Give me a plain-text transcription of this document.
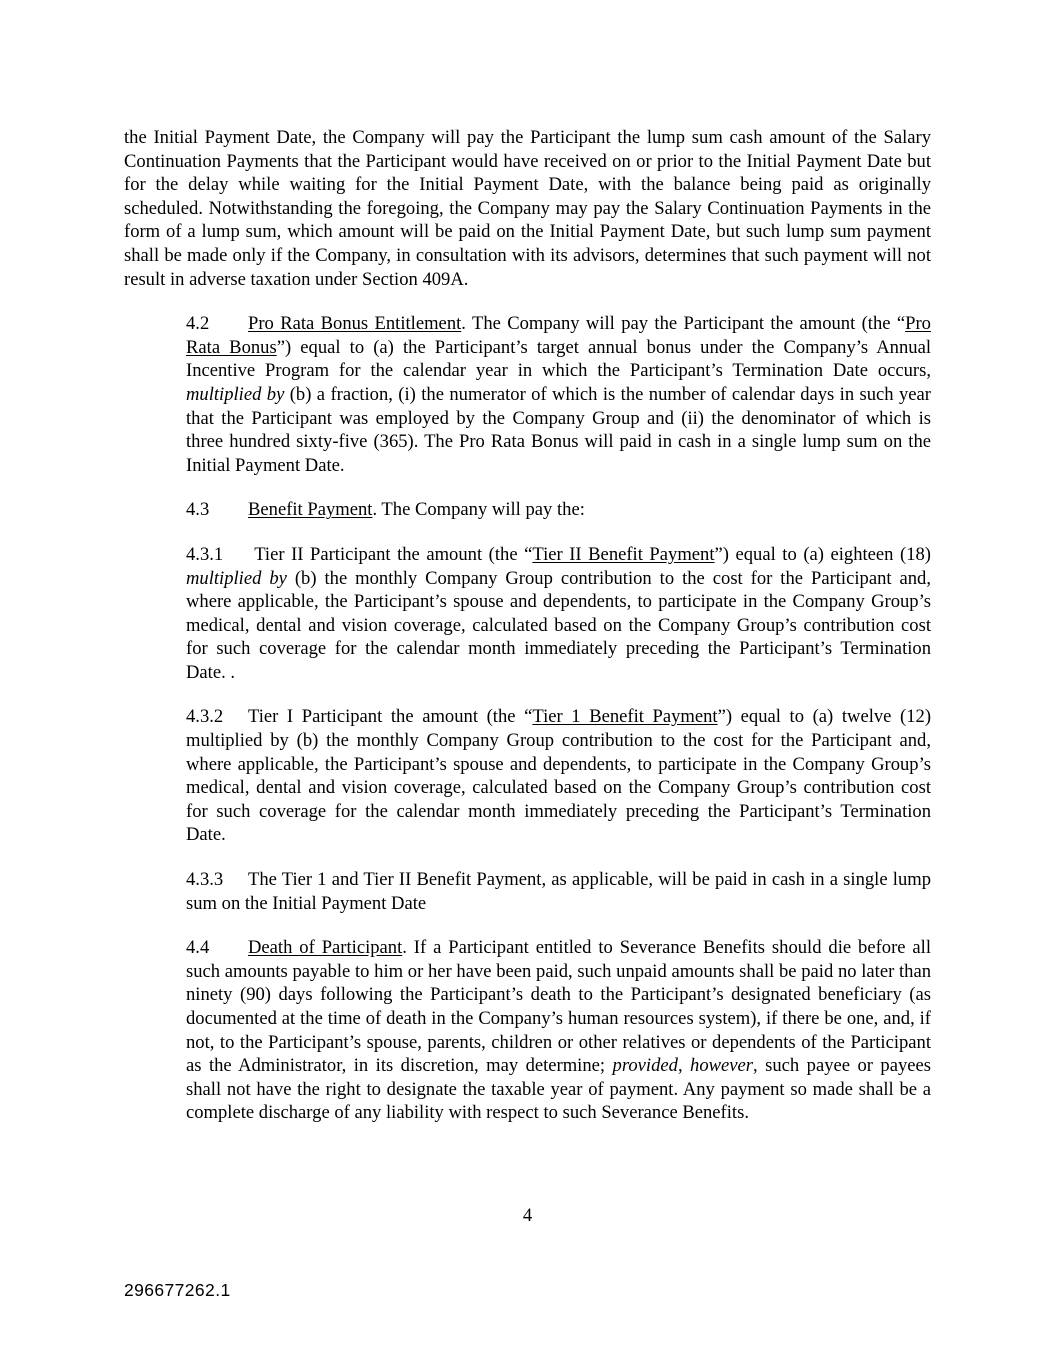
the Initial Payment Date, the Company will pay the Participant the lump sum cash amount of the Salary Continuation Payments that the Participant would have received on or prior to the Initial Payment Date but for the delay while waiting for the Initial Payment Date, with the balance being paid as originally scheduled. Notwithstanding the foregoing, the Company may pay the Salary Continuation Payments in the form of a lump sum, which amount will be paid on the Initial Payment Date, but such lump sum payment shall be made only if the Company, in consultation with its advisors, determines that such payment will not result in adverse taxation under Section 409A.

4.2 Pro Rata Bonus Entitlement. The Company will pay the Participant the amount (the “Pro Rata Bonus”) equal to (a) the Participant’s target annual bonus under the Company’s Annual Incentive Program for the calendar year in which the Participant’s Termination Date occurs, multiplied by (b) a fraction, (i) the numerator of which is the number of calendar days in such year that the Participant was employed by the Company Group and (ii) the denominator of which is three hundred sixty-five (365). The Pro Rata Bonus will paid in cash in a single lump sum on the Initial Payment Date.

4.3 Benefit Payment. The Company will pay the:

4.3.1 Tier II Participant the amount (the “Tier II Benefit Payment”) equal to (a) eighteen (18) multiplied by (b) the monthly Company Group contribution to the cost for the Participant and, where applicable, the Participant’s spouse and dependents, to participate in the Company Group’s medical, dental and vision coverage, calculated based on the Company Group’s contribution cost for such coverage for the calendar month immediately preceding the Participant’s Termination Date. .

4.3.2 Tier I Participant the amount (the “Tier 1 Benefit Payment”) equal to (a) twelve (12) multiplied by (b) the monthly Company Group contribution to the cost for the Participant and, where applicable, the Participant’s spouse and dependents, to participate in the Company Group’s medical, dental and vision coverage, calculated based on the Company Group’s contribution cost for such coverage for the calendar month immediately preceding the Participant’s Termination Date.

4.3.3 The Tier 1 and Tier II Benefit Payment, as applicable, will be paid in cash in a single lump sum on the Initial Payment Date

4.4 Death of Participant. If a Participant entitled to Severance Benefits should die before all such amounts payable to him or her have been paid, such unpaid amounts shall be paid no later than ninety (90) days following the Participant’s death to the Participant’s designated beneficiary (as documented at the time of death in the Company’s human resources system), if there be one, and, if not, to the Participant’s spouse, parents, children or other relatives or dependents of the Participant as the Administrator, in its discretion, may determine; provided, however, such payee or payees shall not have the right to designate the taxable year of payment. Any payment so made shall be a complete discharge of any liability with respect to such Severance Benefits.

4
296677262.1
